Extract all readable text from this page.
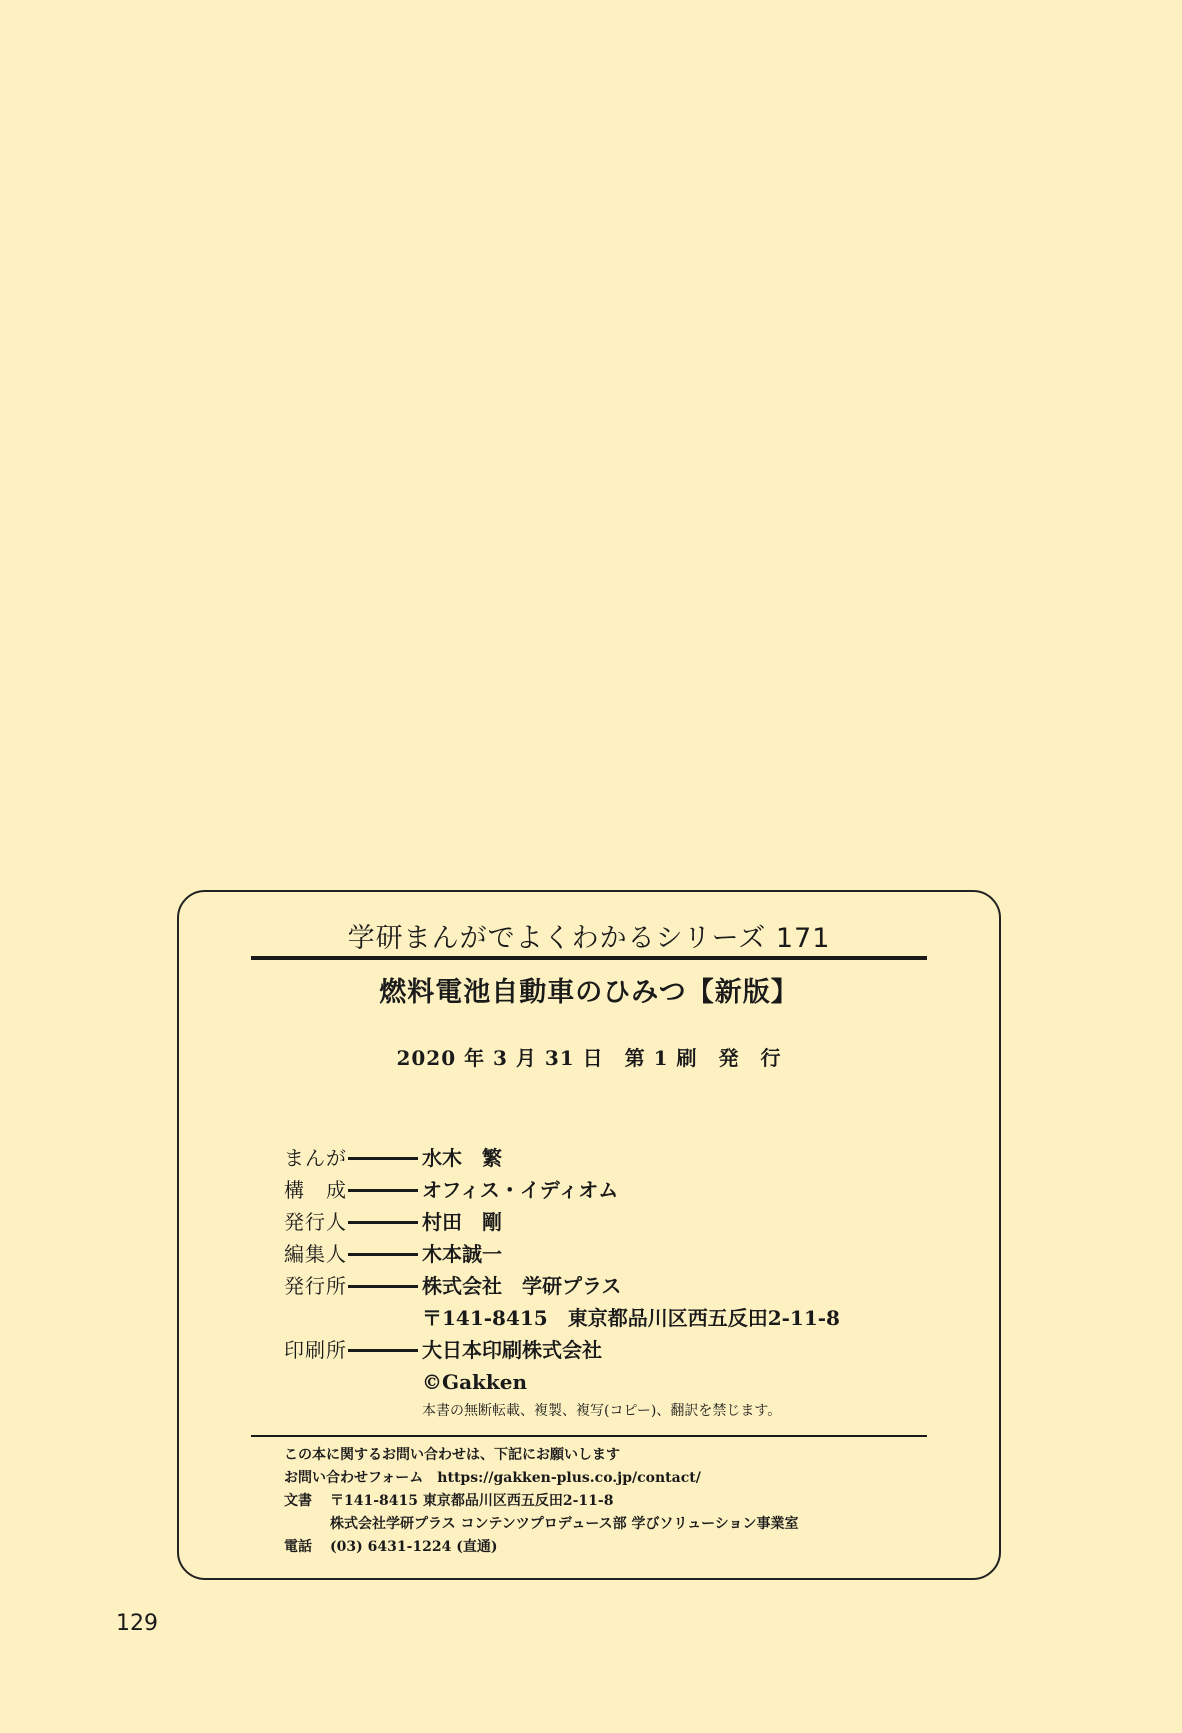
学研まんがでよくわかるシリーズ 171
燃料電池自動車のひみつ【新版】
2020 年 3 月 31 日　第 1 刷　発　行
まんが	水木　繁
構　成	オフィス・イディオム
発行人	村田　剛
編集人	木本誠一
発行所	株式会社　学研プラス
〒141-8415　東京都品川区西五反田2-11-8
印刷所	大日本印刷株式会社
©Gakken
本書の無断転載、複製、複写(コピー)、翻訳を禁じます。
この本に関するお問い合わせは、下記にお願いします
お問い合わせフォーム　https://gakken-plus.co.jp/contact/
文書	〒141-8415 東京都品川区西五反田2-11-8
株式会社学研プラス コンテンツプロデュース部 学びソリューション事業室
電話	(03) 6431-1224 (直通)
129
